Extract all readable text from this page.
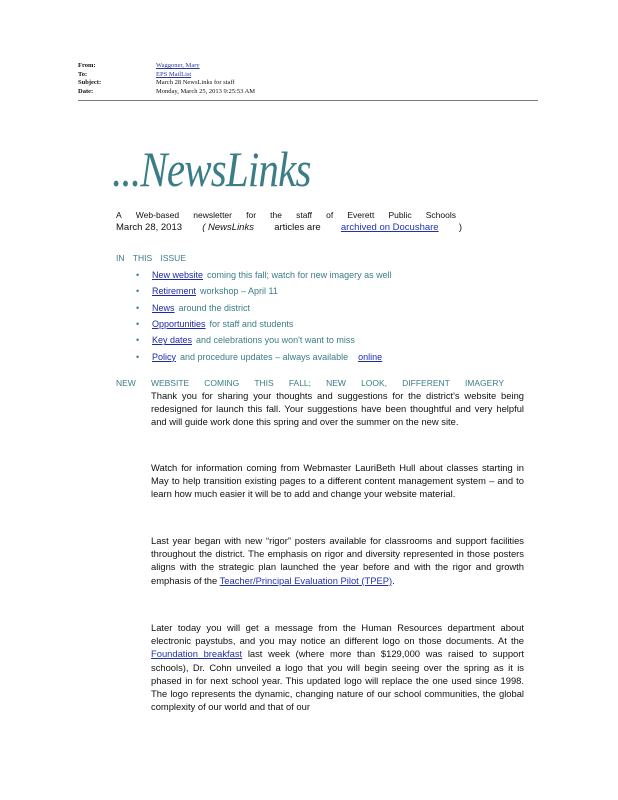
From:	Waggoner, Mary
To:	EPS MailList
Subject:	March 28 NewsLinks for staff
Date:	Monday, March 25, 2013 9:25:53 AM
...NewsLinks
A Web-based newsletter for the staff of Everett Public Schools
March 28, 2013 ( NewsLinks articles are archived on Docushare )
IN THIS ISSUE
•	New website coming this fall; watch for new imagery as well
•	Retirement workshop – April 11
•	News around the district
•	Opportunities for staff and students
•	Key dates and celebrations you won't want to miss
•	Policy and procedure updates – always available online
NEW WEBSITE COMING THIS FALL; NEW LOOK, DIFFERENT IMAGERY
Thank you for sharing your thoughts and suggestions for the district's website being redesigned for launch this fall. Your suggestions have been thoughtful and very helpful and will guide work done this spring and over the summer on the new site.
Watch for information coming from Webmaster LauriBeth Hull about classes starting in May to help transition existing pages to a different content management system – and to learn how much easier it will be to add and change your website material.
Last year began with new “rigor” posters available for classrooms and support facilities throughout the district. The emphasis on rigor and diversity represented in those posters aligns with the strategic plan launched the year before and with the rigor and growth emphasis of the Teacher/Principal Evaluation Pilot (TPEP).
Later today you will get a message from the Human Resources department about electronic paystubs, and you may notice an different logo on those documents. At the Foundation breakfast last week (where more than $129,000 was raised to support schools), Dr. Cohn unveiled a logo that you will begin seeing over the spring as it is phased in for next school year. This updated logo will replace the one used since 1998. The logo represents the dynamic, changing nature of our school communities, the global complexity of our world and that of our
